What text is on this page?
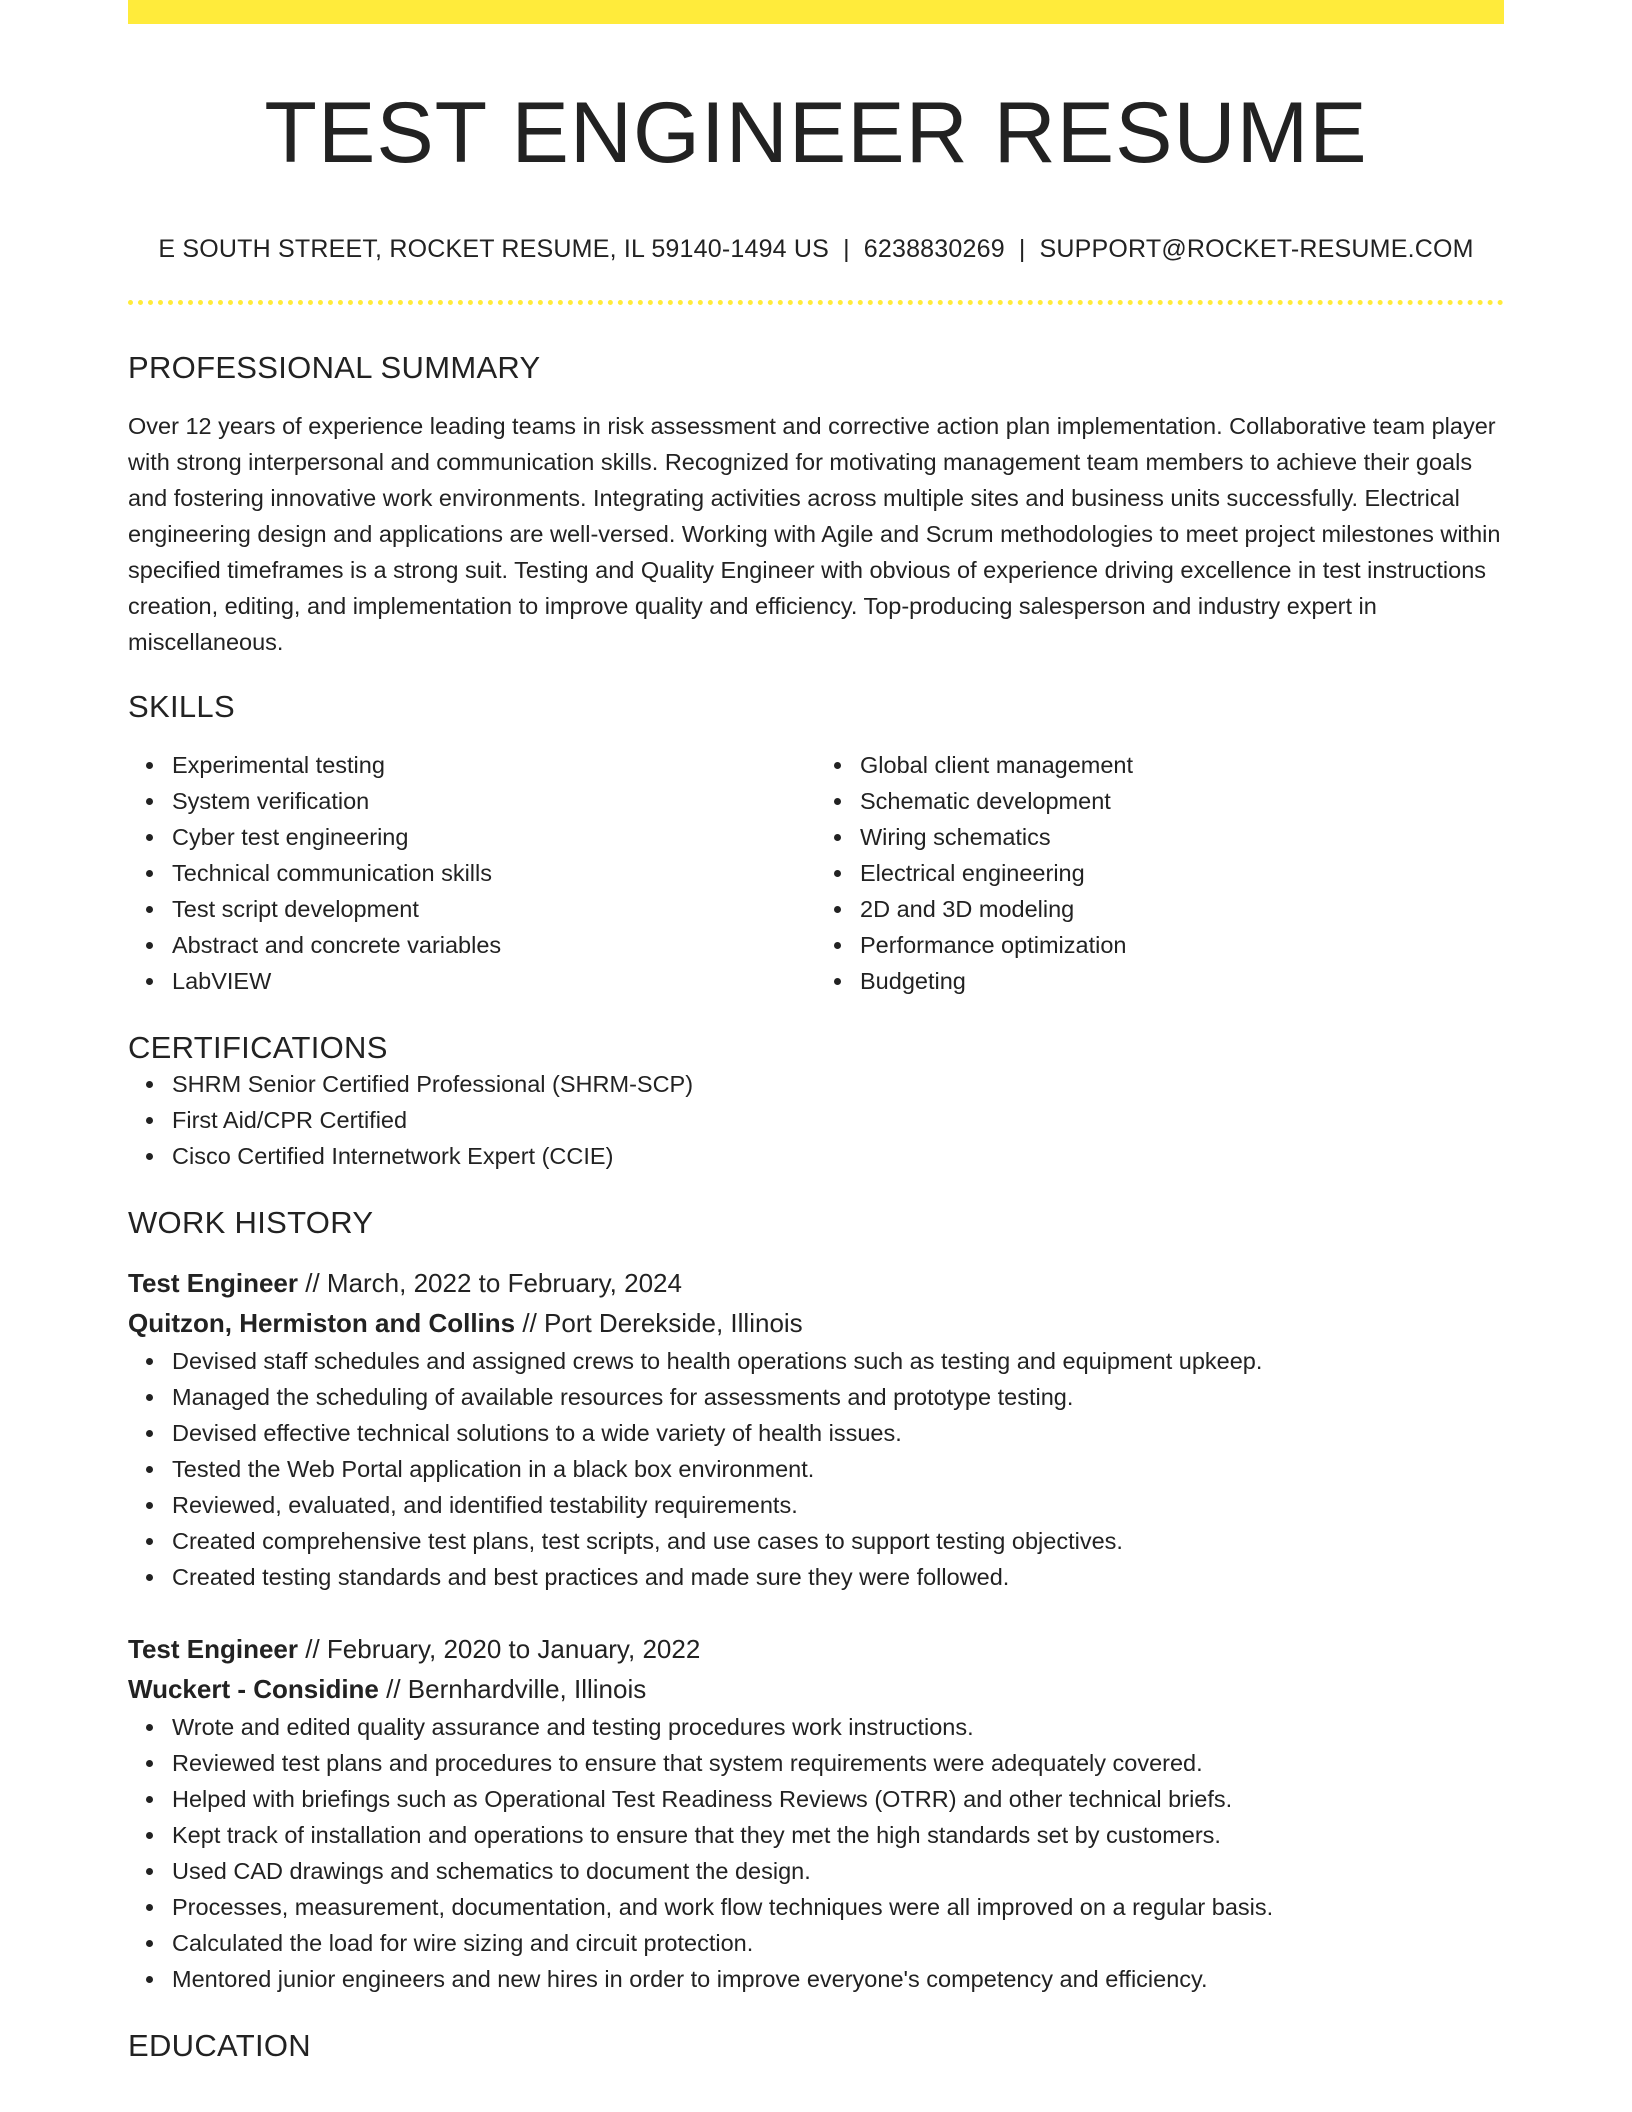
TEST ENGINEER RESUME
E SOUTH STREET, ROCKET RESUME, IL 59140-1494 US | 6238830269 | SUPPORT@ROCKET-RESUME.COM
PROFESSIONAL SUMMARY

Over 12 years of experience leading teams in risk assessment and corrective action plan implementation. Collaborative team player with strong interpersonal and communication skills. Recognized for motivating management team members to achieve their goals and fostering innovative work environments. Integrating activities across multiple sites and business units successfully. Electrical engineering design and applications are well-versed. Working with Agile and Scrum methodologies to meet project milestones within specified timeframes is a strong suit. Testing and Quality Engineer with obvious of experience driving excellence in test instructions creation, editing, and implementation to improve quality and efficiency. Top-producing salesperson and industry expert in miscellaneous.

SKILLS
Experimental testing
System verification
Cyber test engineering
Technical communication skills
Test script development
Abstract and concrete variables
LabVIEW
Global client management
Schematic development
Wiring schematics
Electrical engineering
2D and 3D modeling
Performance optimization
Budgeting
CERTIFICATIONS
SHRM Senior Certified Professional (SHRM-SCP)
First Aid/CPR Certified
Cisco Certified Internetwork Expert (CCIE)
WORK HISTORY
Test Engineer // March, 2022 to February, 2024
Quitzon, Hermiston and Collins // Port Derekside, Illinois
Devised staff schedules and assigned crews to health operations such as testing and equipment upkeep.
Managed the scheduling of available resources for assessments and prototype testing.
Devised effective technical solutions to a wide variety of health issues.
Tested the Web Portal application in a black box environment.
Reviewed, evaluated, and identified testability requirements.
Created comprehensive test plans, test scripts, and use cases to support testing objectives.
Created testing standards and best practices and made sure they were followed.
Test Engineer // February, 2020 to January, 2022
Wuckert - Considine // Bernhardville, Illinois
Wrote and edited quality assurance and testing procedures work instructions.
Reviewed test plans and procedures to ensure that system requirements were adequately covered.
Helped with briefings such as Operational Test Readiness Reviews (OTRR) and other technical briefs.
Kept track of installation and operations to ensure that they met the high standards set by customers.
Used CAD drawings and schematics to document the design.
Processes, measurement, documentation, and work flow techniques were all improved on a regular basis.
Calculated the load for wire sizing and circuit protection.
Mentored junior engineers and new hires in order to improve everyone's competency and efficiency.
EDUCATION
